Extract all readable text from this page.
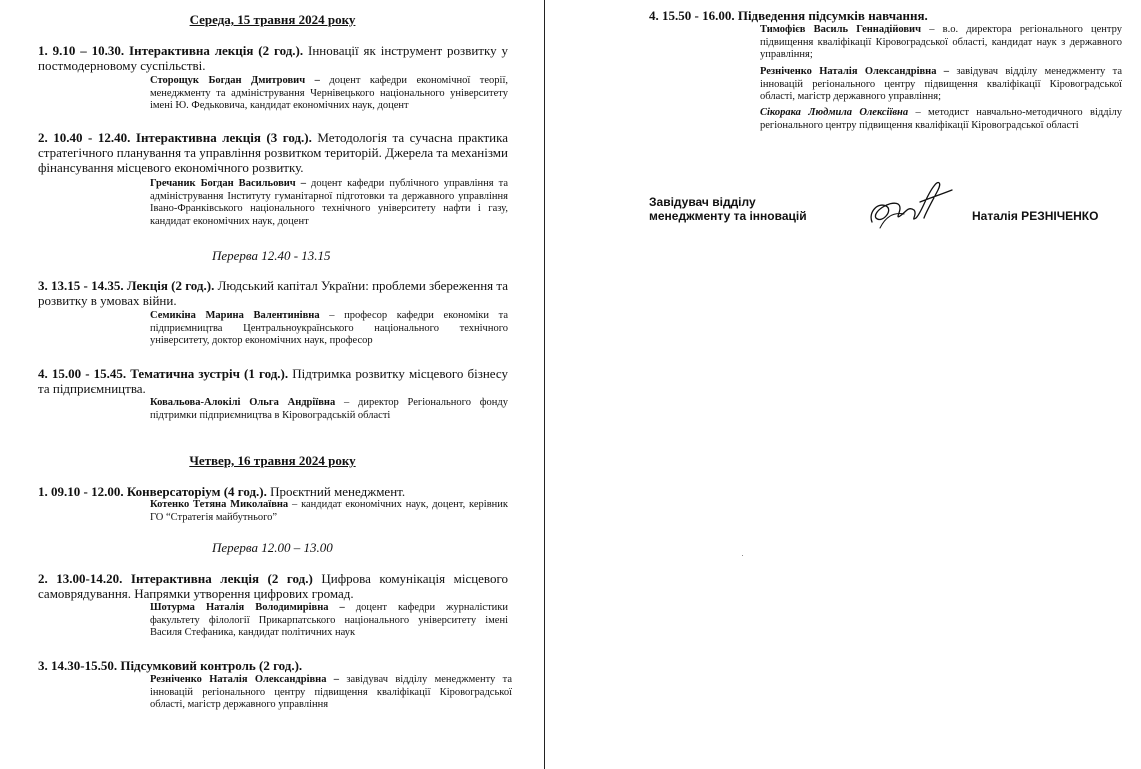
Середа, 15 травня 2024 року
1. 9.10 – 10.30. Інтерактивна лекція (2 год.). Інновації як інструмент розвитку у постмодерновому суспільстві.
Сторощук Богдан Дмитрович – доцент кафедри економічної теорії, менеджменту та адміністрування Чернівецького національного університету імені Ю. Федьковича, кандидат економічних наук, доцент
2. 10.40 - 12.40. Інтерактивна лекція (3 год.). Методологія та сучасна практика стратегічного планування та управління розвитком територій. Джерела та механізми фінансування місцевого економічного розвитку.
Гречаник Богдан Васильович – доцент кафедри публічного управління та адміністрування Інституту гуманітарної підготовки та державного управління Івано-Франківського національного технічного університету нафти і газу, кандидат економічних наук, доцент
Перерва 12.40 - 13.15
3. 13.15 - 14.35. Лекція (2 год.). Людський капітал України: проблеми збереження та розвитку в умовах війни.
Семикіна Марина Валентинівна – професор кафедри економіки та підприємництва Центральноукраїнського національного технічного університету, доктор економічних наук, професор
4. 15.00 - 15.45. Тематична зустріч (1 год.). Підтримка розвитку місцевого бізнесу та підприємництва.
Ковальова-Алокілі Ольга Андріївна – директор Регіонального фонду підтримки підприємництва в Кіровоградській області
Четвер, 16 травня 2024 року
1. 09.10 - 12.00. Конверсаторіум (4 год.). Проєктний менеджмент.
Котенко Тетяна Миколаївна – кандидат економічних наук, доцент, керівник ГО “Стратегія майбутнього”
Перерва 12.00 – 13.00
2. 13.00-14.20. Інтерактивна лекція (2 год.) Цифрова комунікація місцевого самоврядування. Напрямки утворення цифрових громад.
Шотурма Наталія Володимирівна – доцент кафедри журналістики факультету філології Прикарпатського національного університету імені Василя Стефаника, кандидат політичних наук
3. 14.30-15.50. Підсумковий контроль (2 год.).
Резніченко Наталія Олександрівна – завідувач відділу менеджменту та інновацій регіонального центру підвищення кваліфікації Кіровоградської області, магістр державного управління
4. 15.50 - 16.00. Підведення підсумків навчання.
Тимофієв Василь Геннадійович – в.о. директора регіонального центру підвищення кваліфікації Кіровоградської області, кандидат наук з державного управління;
Резніченко Наталія Олександрівна – завідувач відділу менеджменту та інновацій регіонального центру підвищення кваліфікації Кіровоградської області, магістр державного управління;
Сікорака Людмила Олексіївна – методист навчально-методичного відділу регіонального центру підвищення кваліфікації Кіровоградської області
Завідувач відділу
менеджменту та інновацій	Наталія РЕЗНІЧЕНКО
